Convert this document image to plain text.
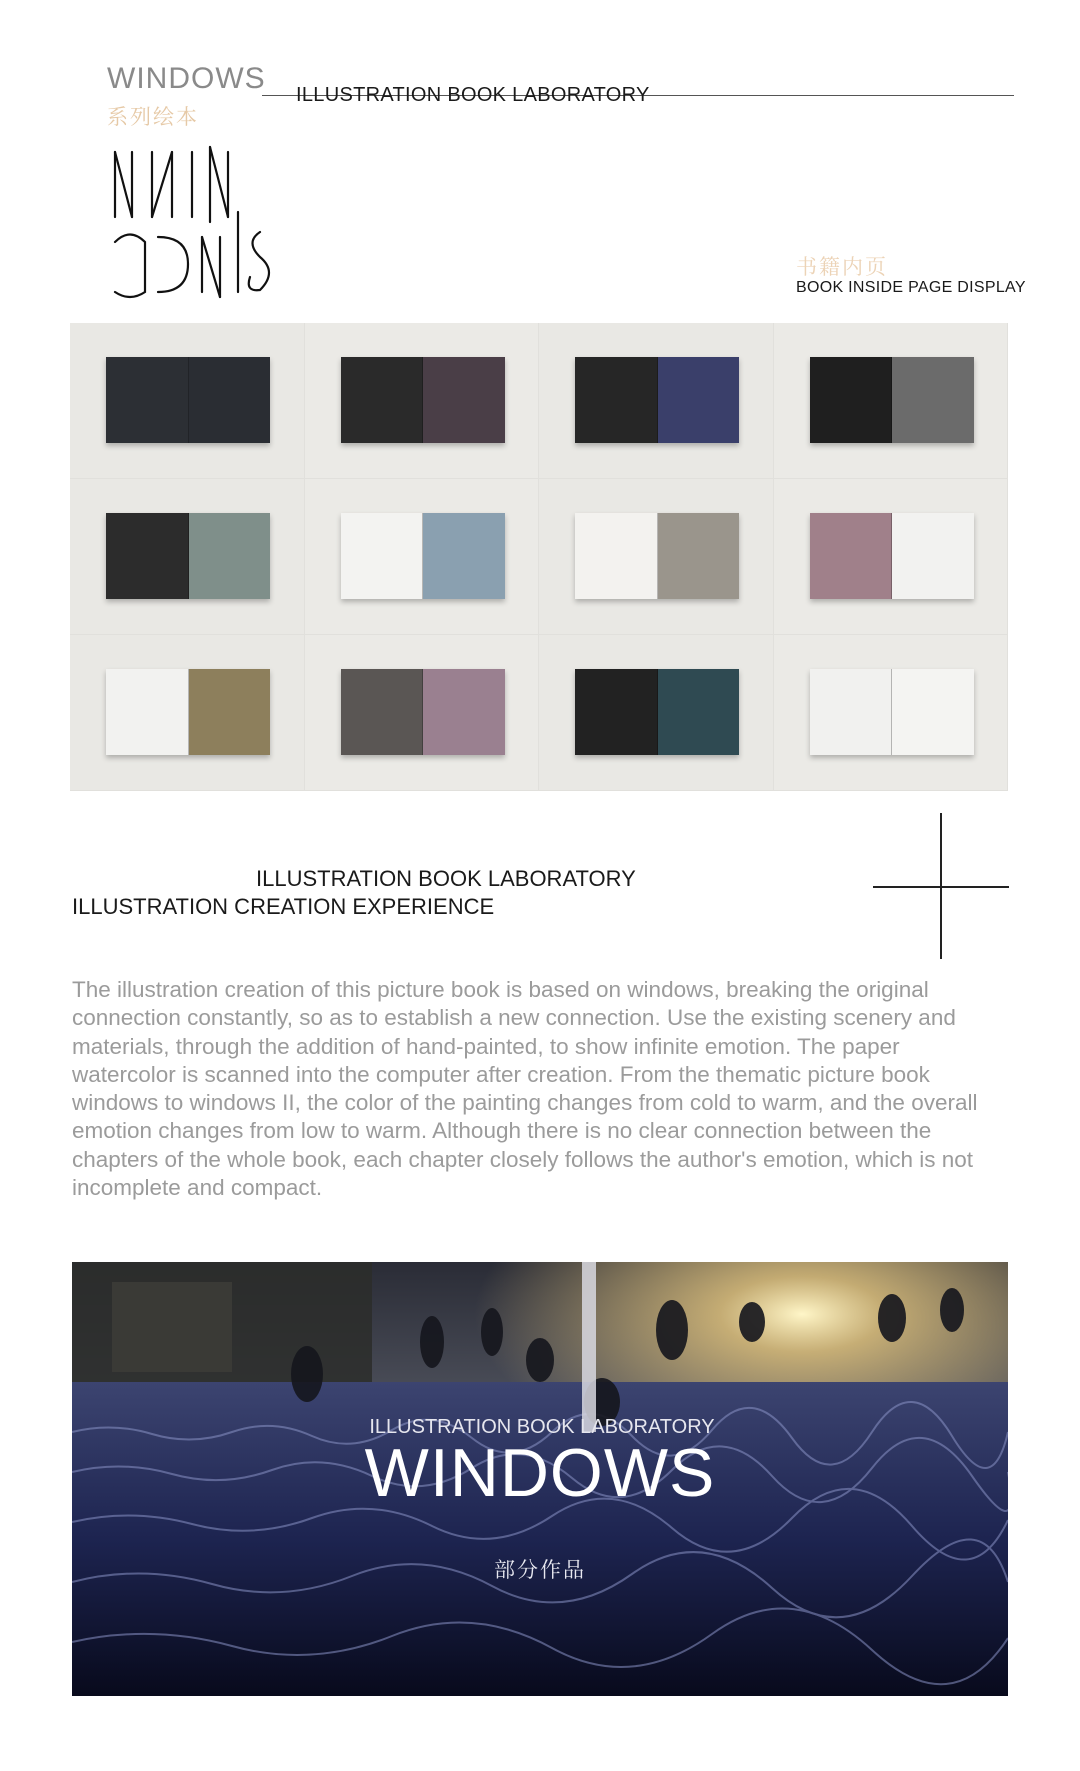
WINDOWS
系列绘本
ILLUSTRATION BOOK LABORATORY
书籍内页
BOOK INSIDE PAGE DISPLAY
ILLUSTRATION BOOK LABORATORY
ILLUSTRATION CREATION EXPERIENCE

The illustration creation of this picture book is based on windows, breaking the original connection constantly, so as to establish a new connection. Use the existing scenery and materials, through the addition of hand-painted, to show infinite emotion. The paper watercolor is scanned into the computer after creation. From the thematic picture book windows to windows II, the color of the painting changes from cold to warm, and the overall emotion changes from low to warm. Although there is no clear connection between the chapters of the whole book, each chapter closely follows the author's emotion, which is not incomplete and compact.

ILLUSTRATION BOOK LABORATORY
WINDOWS
部分作品
